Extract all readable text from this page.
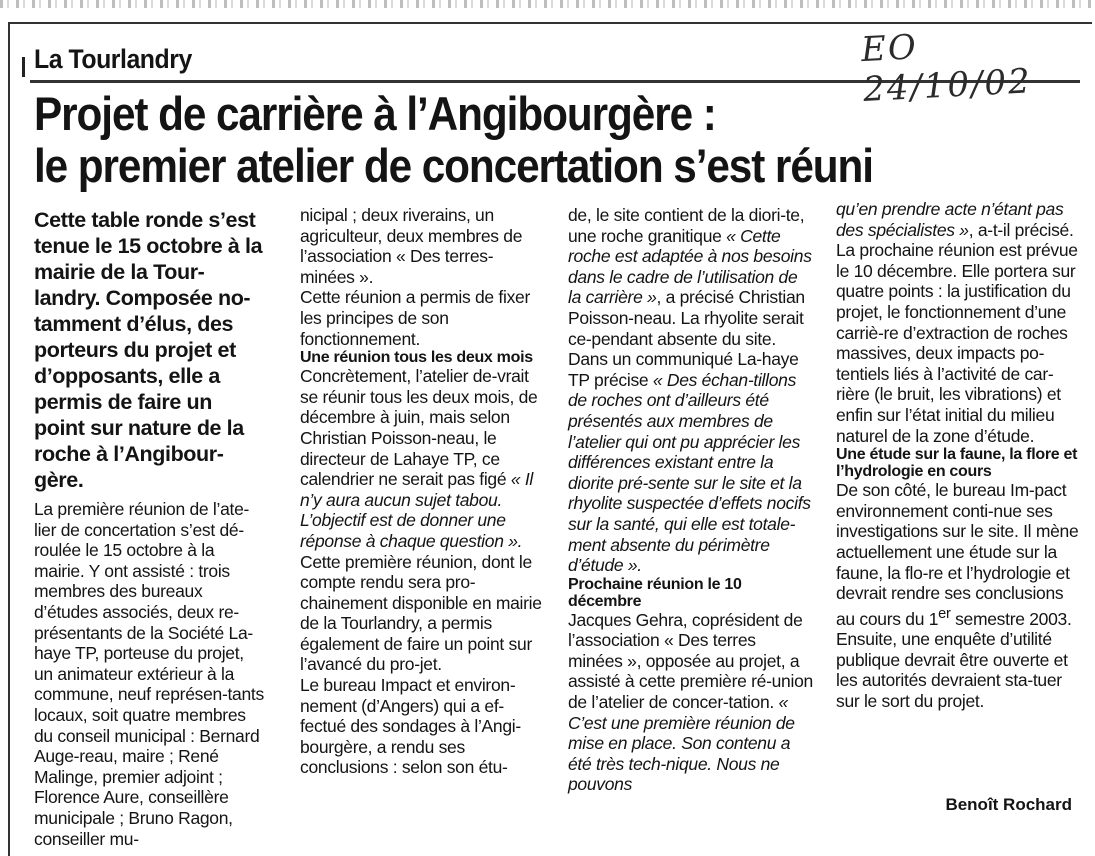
La Tourlandry	EO 24/10/02
Projet de carrière à l’Angibourgère :
le premier atelier de concertation s’est réuni

Cette table ronde s’est tenue le 15 octobre à la mairie de la Tour-landry. Composée no-tamment d’élus, des porteurs du projet et d’opposants, elle a permis de faire un point sur nature de la roche à l’Angibour-gère.

La première réunion de l’ate-lier de concertation s’est dé-roulée le 15 octobre à la mairie. Y ont assisté : trois membres des bureaux d’études associés, deux re-présentants de la Société La-haye TP, porteuse du projet, un animateur extérieur à la commune, neuf représen-tants locaux, soit quatre membres du conseil municipal : Bernard Auge-reau, maire ; René Malinge, premier adjoint ; Florence Aure, conseillère municipale ; Bruno Ragon, conseiller mu-

nicipal ; deux riverains, un agriculteur, deux membres de l’association « Des terres-minées ».

Cette réunion a permis de fixer les principes de son fonctionnement.

Une réunion tous les deux mois

Concrètement, l’atelier de-vrait se réunir tous les deux mois, de décembre à juin, mais selon Christian Poisson-neau, le directeur de Lahaye TP, ce calendrier ne serait pas figé « Il n’y aura aucun sujet tabou. L’objectif est de donner une réponse à chaque question ».

Cette première réunion, dont le compte rendu sera pro-chainement disponible en mairie de la Tourlandry, a permis également de faire un point sur l’avancé du pro-jet.

Le bureau Impact et environ-nement (d’Angers) qui a ef-fectué des sondages à l’Angi-bourgère, a rendu ses conclusions : selon son étu-

de, le site contient de la diori-te, une roche granitique « Cette roche est adaptée à nos besoins dans le cadre de l’utilisation de la carrière », a précisé Christian Poisson-neau. La rhyolite serait ce-pendant absente du site.

Dans un communiqué La-haye TP précise « Des échan-tillons de roches ont d’ailleurs été présentés aux membres de l’atelier qui ont pu apprécier les différences existant entre la diorite pré-sente sur le site et la rhyolite suspectée d’effets nocifs sur la santé, qui elle est totale-ment absente du périmètre d’étude ».

Prochaine réunion le 10 décembre

Jacques Gehra, coprésident de l’association « Des terres minées », opposée au projet, a assisté à cette première ré-union de l’atelier de concer-tation. « C’est une première réunion de mise en place. Son contenu a été très tech-nique. Nous ne pouvons

qu’en prendre acte n’étant pas des spécialistes », a-t-il précisé.

La prochaine réunion est prévue le 10 décembre. Elle portera sur quatre points : la justification du projet, le fonctionnement d’une carriè-re d’extraction de roches massives, deux impacts po-tentiels liés à l’activité de car-rière (le bruit, les vibrations) et enfin sur l’état initial du milieu naturel de la zone d’étude.

Une étude sur la faune, la flore et l’hydrologie en cours

De son côté, le bureau Im-pact environnement conti-nue ses investigations sur le site. Il mène actuellement une étude sur la faune, la flo-re et l’hydrologie et devrait rendre ses conclusions au cours du 1er semestre 2003. Ensuite, une enquête d’utilité publique devrait être ouverte et les autorités devraient sta-tuer sur le sort du projet.

Benoît Rochard
